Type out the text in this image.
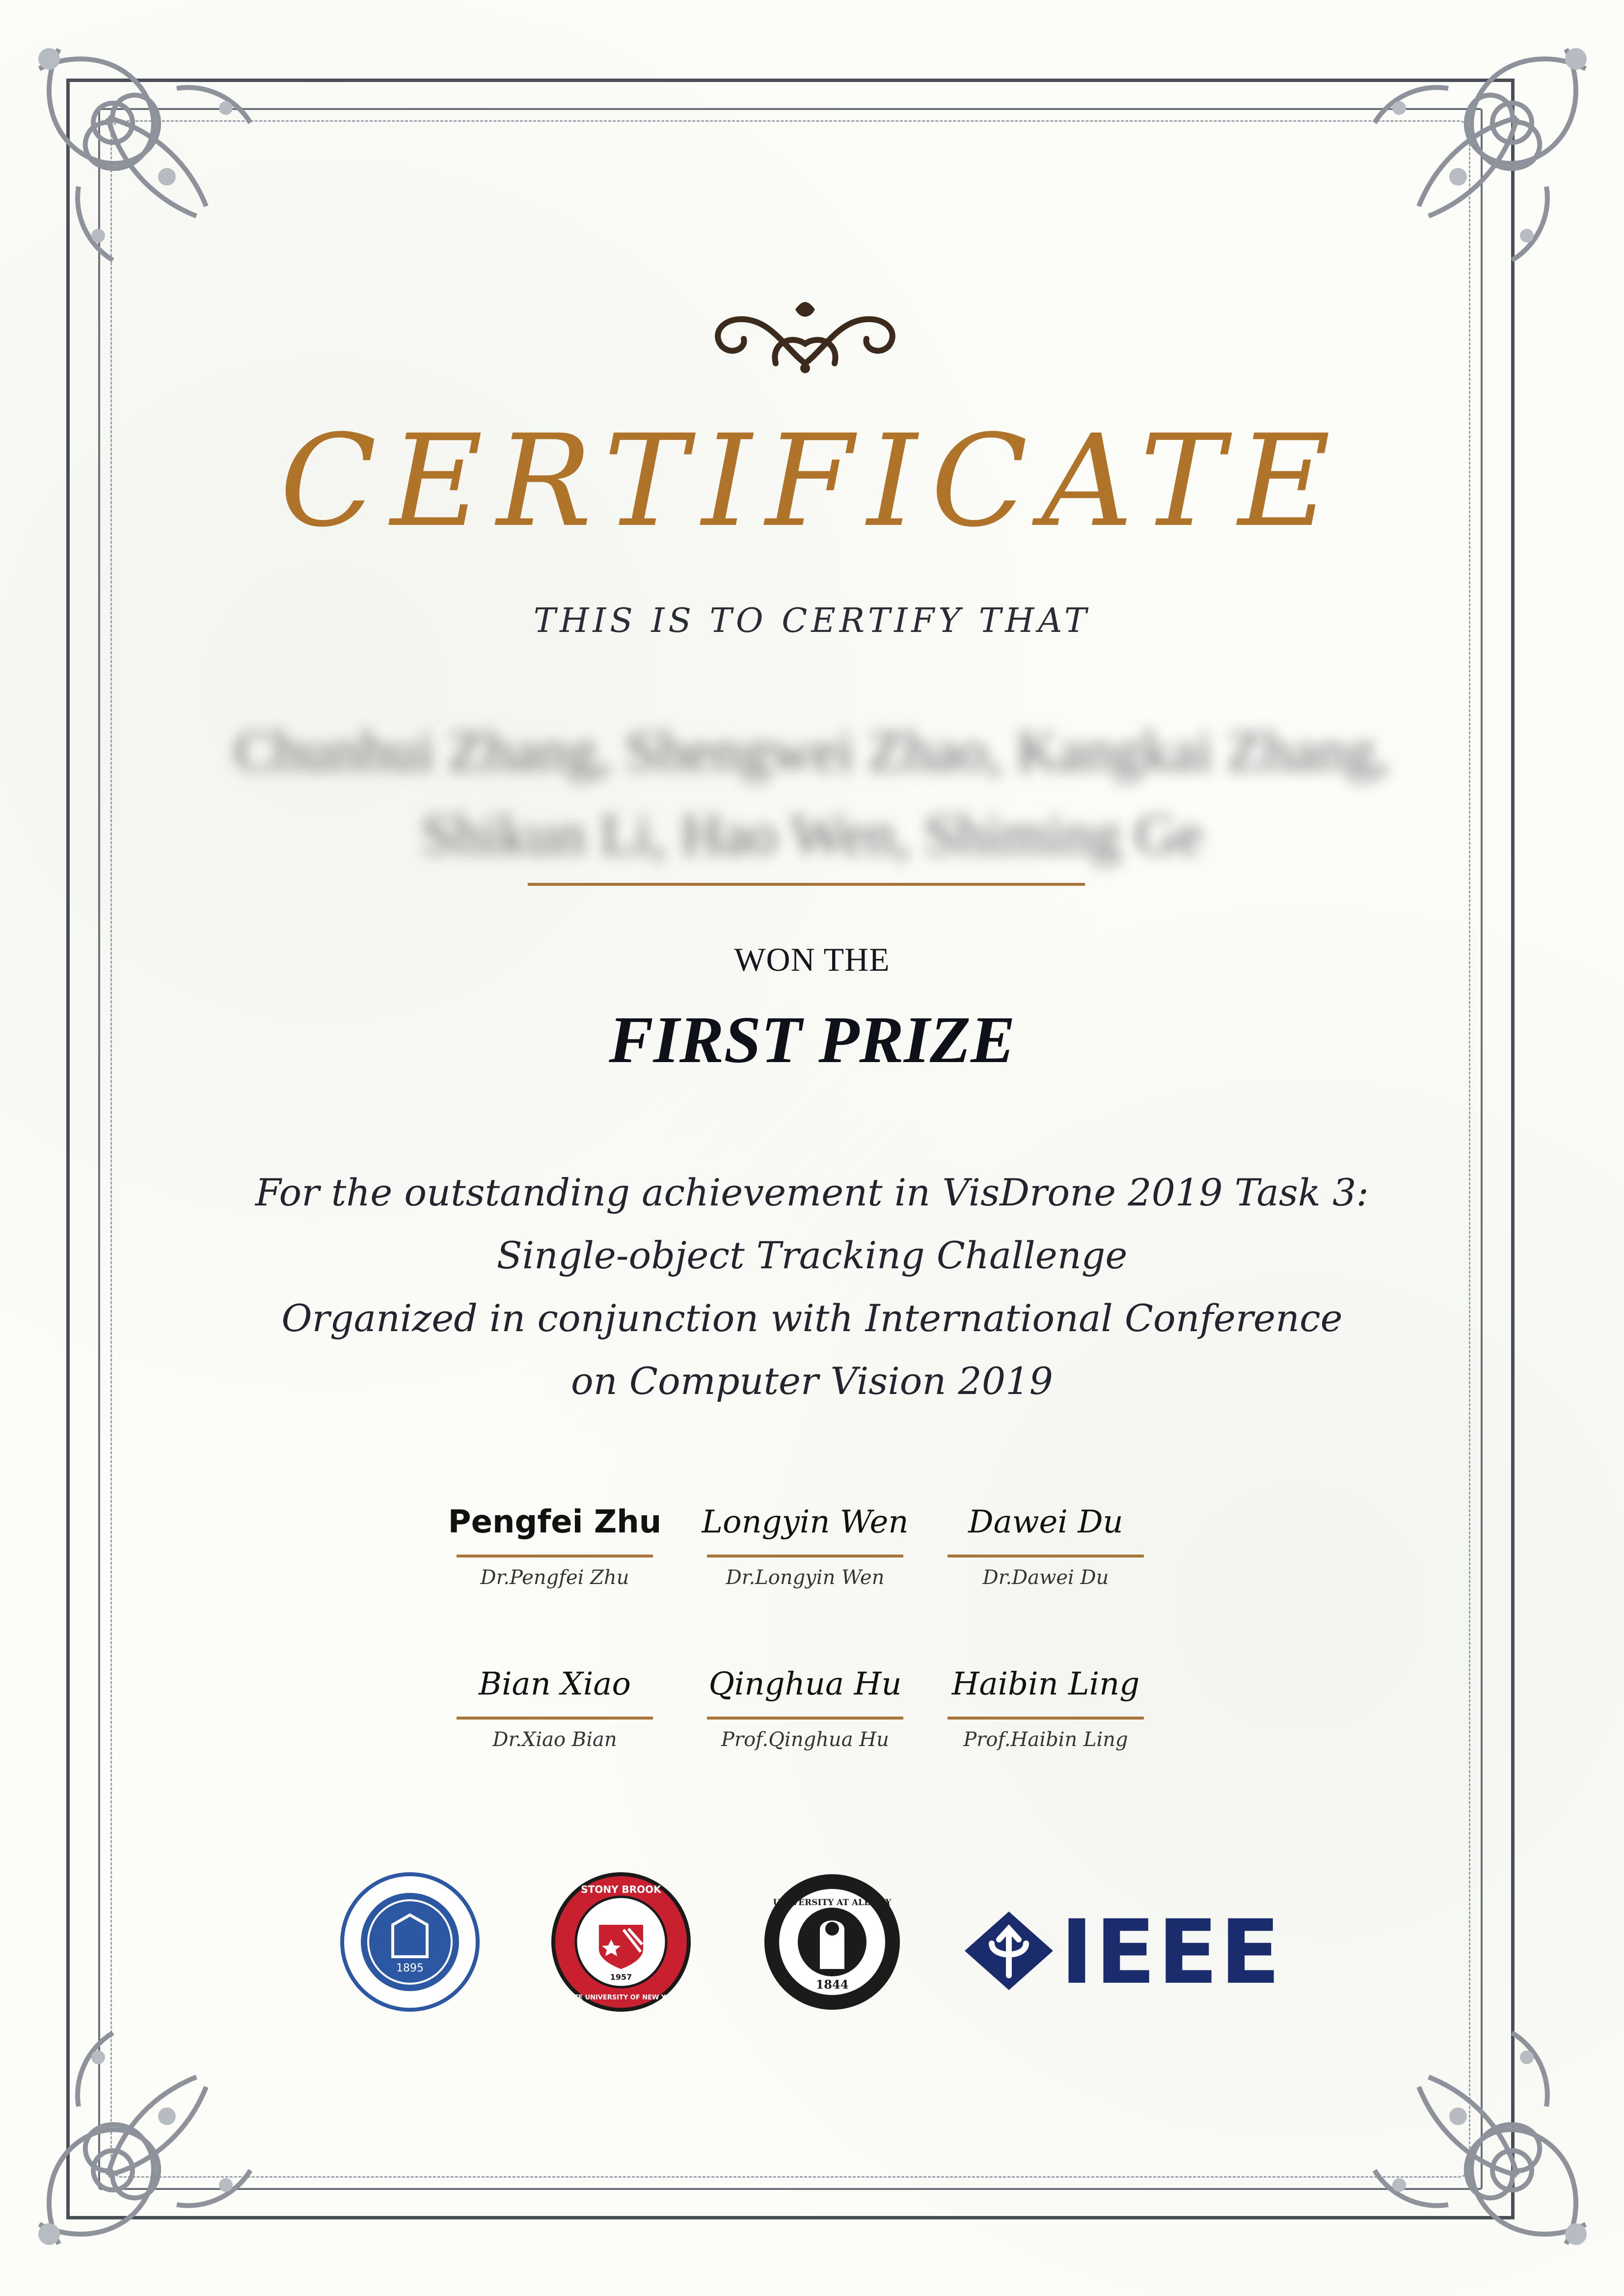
CERTIFICATE
THIS IS TO CERTIFY THAT
Chunhui Zhang, Shengwei Zhao, Kangkai Zhang,
Shikun Li, Hao Wen, Shiming Ge
WON THE
FIRST PRIZE
For the outstanding achievement in VisDrone 2019 Task 3:
Single-object Tracking Challenge
Organized in conjunction with International Conference
on Computer Vision 2019
Pengfei Zhu
Dr.Pengfei Zhu
Longyin Wen
Dr.Longyin Wen
Dawei Du
Dr.Dawei Du
Bian Xiao
Dr.Xiao Bian
Qinghua Hu
Prof.Qinghua Hu
Haibin Ling
Prof.Haibin Ling
1895
STONY BROOK
STATE UNIVERSITY OF NEW YORK
1957
UNIVERSITY AT ALBANY
1844 IEEE
